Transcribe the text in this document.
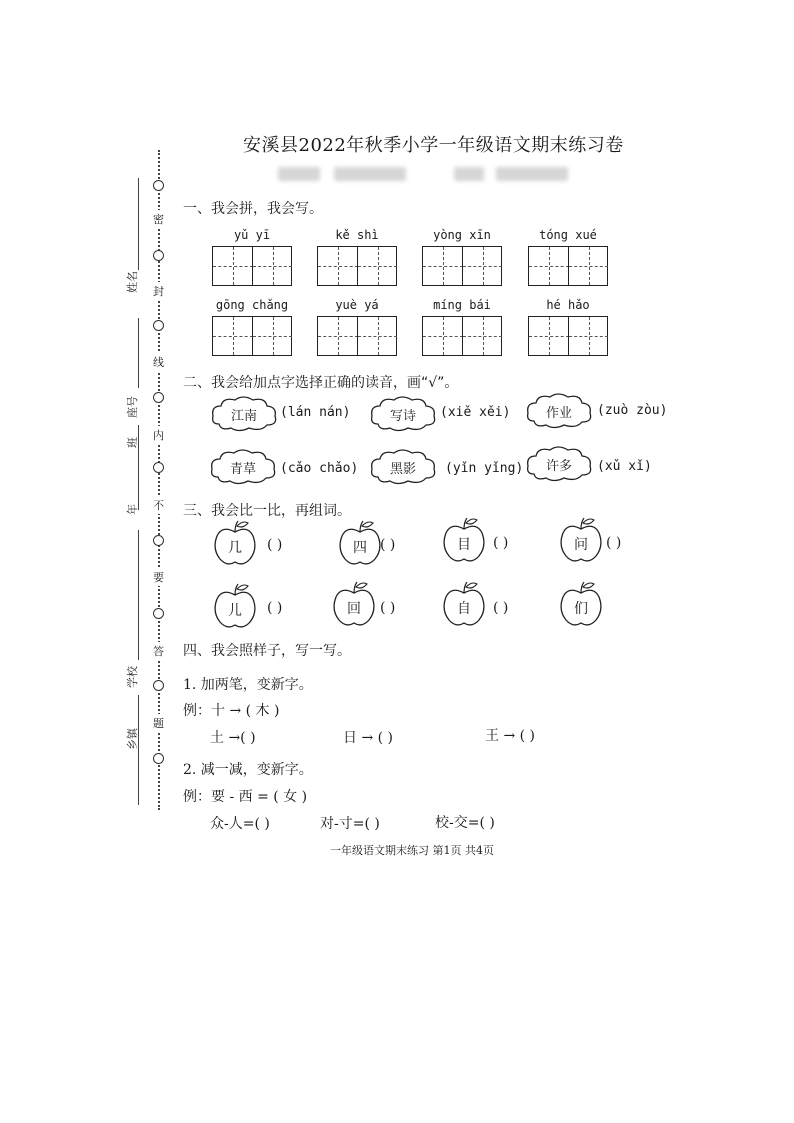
安溪县2022年秋季小学一年级语文期末练习卷
密
封
线
内
不
要
答
题
姓名
座号
班
年
学校
乡镇
一、我会拼，我会写。
yǔ yī	kě shì	yòng xīn	tóng xué
gōng chǎng	yuè yá	míng bái	hé hǎo
二、我会给加点字选择正确的读音，画“√”。
江南	(lán nán)	写诗	(xiě xěi)	作业	(zuò zòu)
青草	(cǎo chǎo)	黑影	(yǐn yǐng)	许多	(xǔ xǐ)
三、我会比一比，再组词。
几	( )	四 ( )	目	( )	问	( )
儿	( )	回	( )	自	( )	们
四、我会照样子，写一写。
1. 加两笔，变新字。
例：十 → ( 木 )
土 →( )	日 → ( )	王 → ( )
2. 减一减，变新字。
例：要 - 西 = ( 女 )
众-人=( )	对-寸=( )	校-交=( )
一年级语文期末练习 第1页 共4页
